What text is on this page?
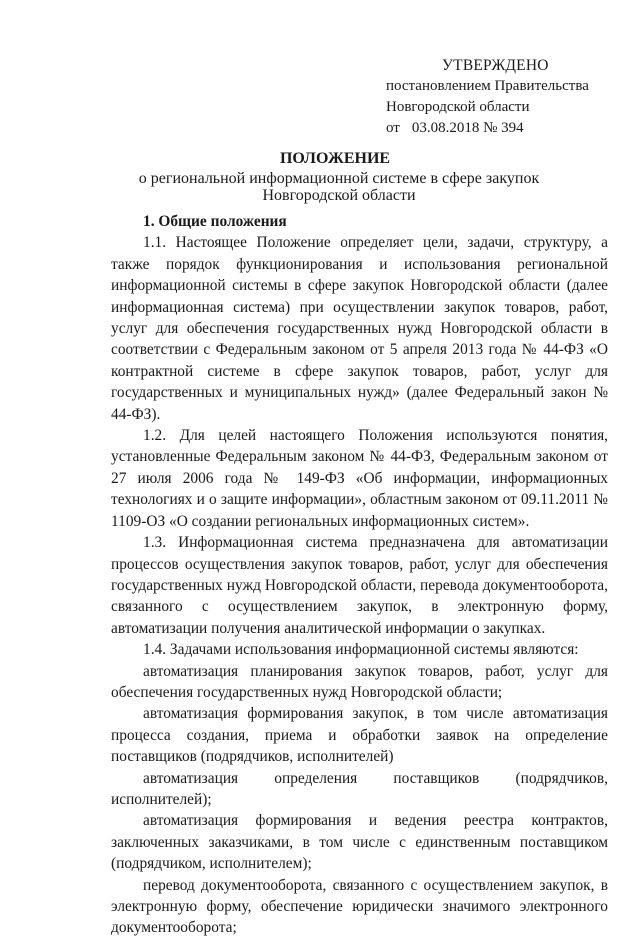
УТВЕРЖДЕНО
постановлением Правительства
Новгородской области
от 03.08.2018 № 394
ПОЛОЖЕНИЕ
о региональной информационной системе в сфере закупок
Новгородской области
1. Общие положения
1.1. Настоящее Положение определяет цели, задачи, структуру, а также порядок функционирования и использования региональной информационной системы в сфере закупок Новгородской области (далее информационная система) при осуществлении закупок товаров, работ, услуг для обеспечения государственных нужд Новгородской области в соответствии с Федеральным законом от 5 апреля 2013 года № 44-ФЗ «О контрактной системе в сфере закупок товаров, работ, услуг для государственных и муниципальных нужд» (далее Федеральный закон № 44-ФЗ).
1.2. Для целей настоящего Положения используются понятия, установленные Федеральным законом № 44-ФЗ, Федеральным законом от 27 июля 2006 года № 149-ФЗ «Об информации, информационных технологиях и о защите информации», областным законом от 09.11.2011 № 1109-ОЗ «О создании региональных информационных систем».
1.3. Информационная система предназначена для автоматизации процессов осуществления закупок товаров, работ, услуг для обеспечения государственных нужд Новгородской области, перевода документооборота, связанного с осуществлением закупок, в электронную форму, автоматизации получения аналитической информации о закупках.
1.4. Задачами использования информационной системы являются:
автоматизация планирования закупок товаров, работ, услуг для обеспечения государственных нужд Новгородской области;
автоматизация формирования закупок, в том числе автоматизация процесса создания, приема и обработки заявок на определение поставщиков (подрядчиков, исполнителей)
автоматизация определения поставщиков (подрядчиков, исполнителей);
автоматизация формирования и ведения реестра контрактов, заключенных заказчиками, в том числе с единственным поставщиком (подрядчиком, исполнителем);
перевод документооборота, связанного с осуществлением закупок, в электронную форму, обеспечение юридически значимого электронного документооборота;
